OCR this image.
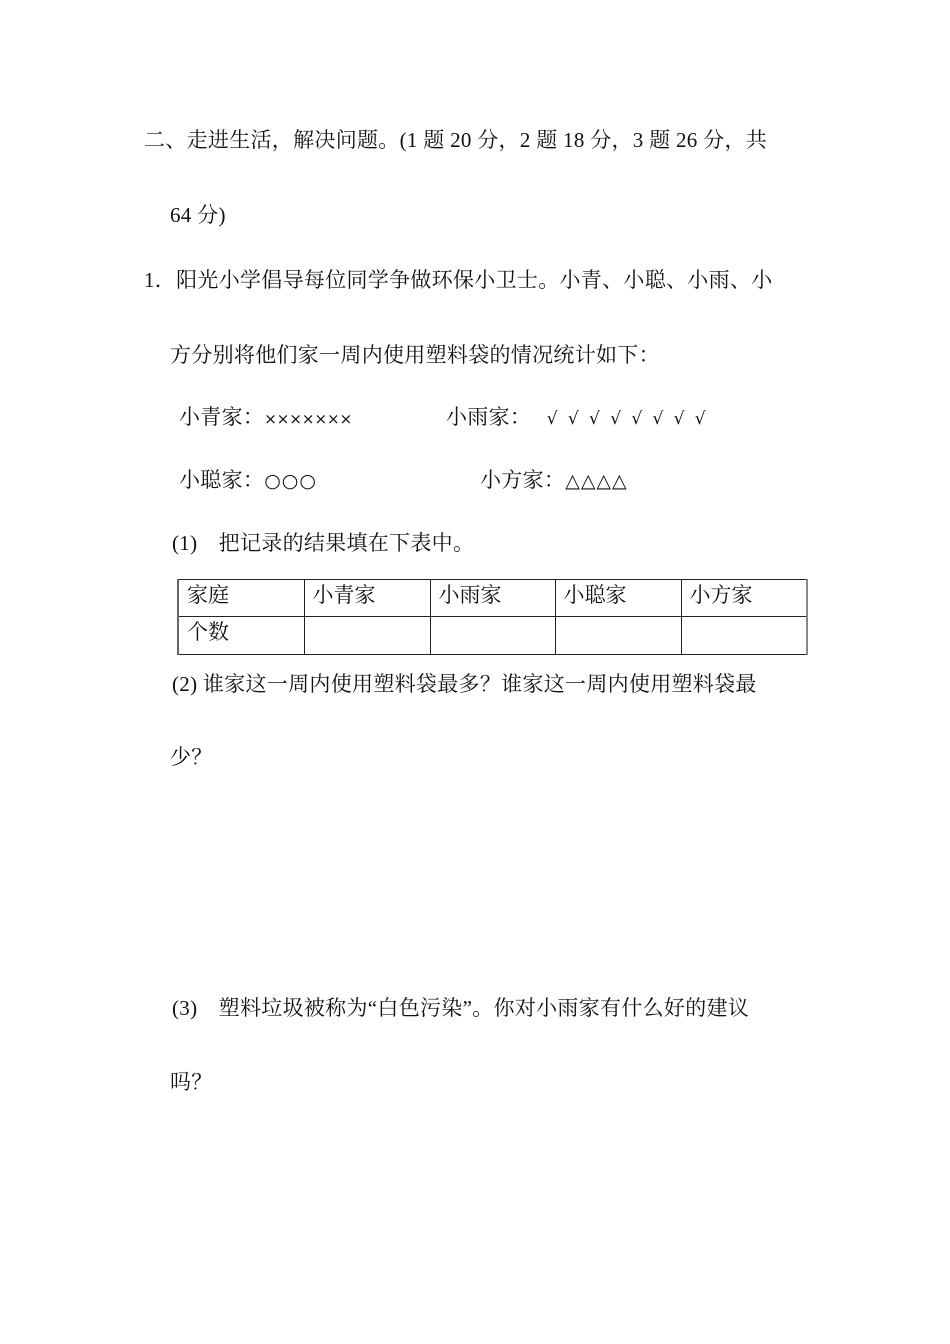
二、走进生活，解决问题。(1 题 20 分，2 题 18 分，3 题 26 分，共
64 分)
1．阳光小学倡导每位同学争做环保小卫士。小青、小聪、小雨、小
方分别将他们家一周内使用塑料袋的情况统计如下：
小青家：×××××××	小雨家： √ √ √ √ √ √ √ √
小聪家：○○○	小方家：△△△△
(1)　把记录的结果填在下表中。
家庭	小青家	小雨家	小聪家	小方家
个数				
(2) 谁家这一周内使用塑料袋最多？谁家这一周内使用塑料袋最
少？
(3)　塑料垃圾被称为“白色污染”。你对小雨家有什么好的建议
吗？
